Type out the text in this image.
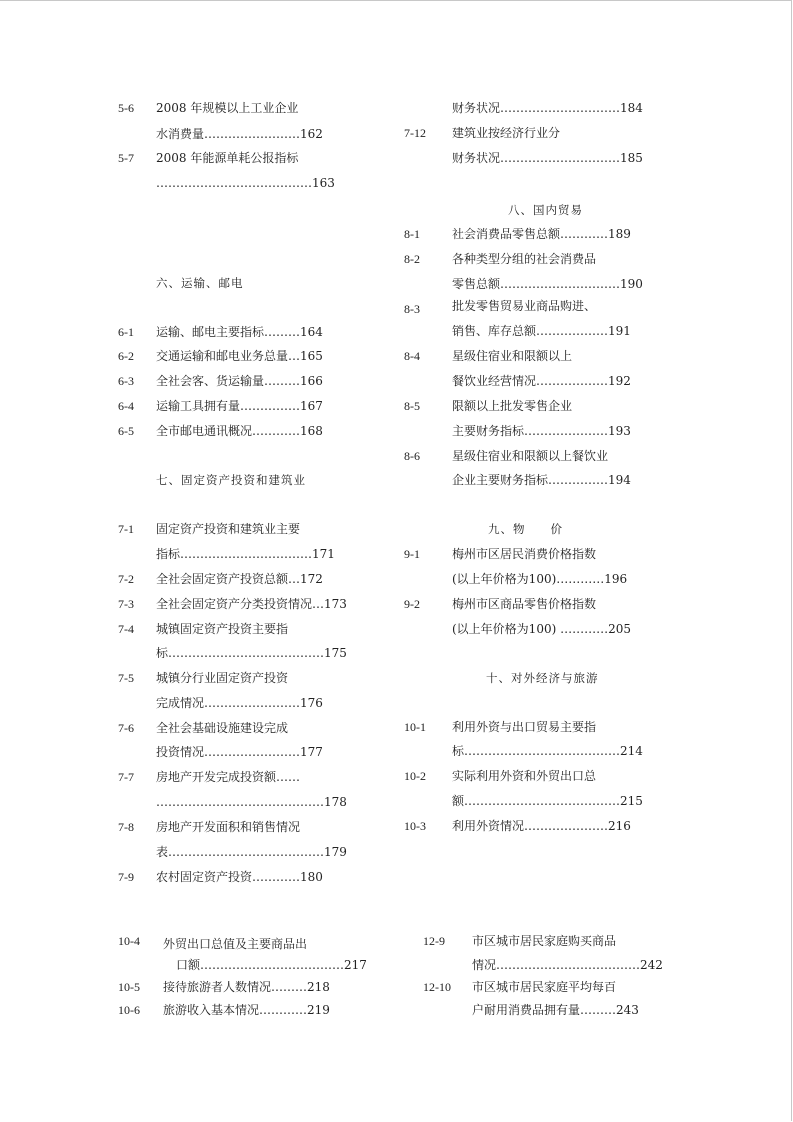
5-6 2008 年规模以上工业企业
水消费量……………………162
5-7 2008 年能源单耗公报指标
…………………………………163
六、运输、邮电
6-1 运输、邮电主要指标………164
6-2 交通运输和邮电业务总量…165
6-3 全社会客、货运输量………166
6-4 运输工具拥有量……………167
6-5 全市邮电通讯概况…………168
七、固定资产投资和建筑业
7-1 固定资产投资和建筑业主要
指标……………………………171
7-2 全社会固定资产投资总额…172
7-3 全社会固定资产分类投资情况…173
7-4 城镇固定资产投资主要指
标…………………………………175
7-5 城镇分行业固定资产投资
完成情况……………………176
7-6 全社会基础设施建设完成
投资情况……………………177
7-7 房地产开发完成投资额……
……………………………………178
7-8 房地产开发面积和销售情况
表…………………………………179
7-9 农村固定资产投资…………180
财务状况…………………………184
7-12 建筑业按经济行业分
财务状况…………………………185
八、国内贸易
8-1	社会消费品零售总额…………189
8-2	各种类型分组的社会消费品
零售总额…………………………190
8-3	批发零售贸易业商品购进、
销售、库存总额………………191
8-4	星级住宿业和限额以上
餐饮业经营情况………………192
8-5	限额以上批发零售企业
主要财务指标…………………193
8-6	星级住宿业和限额以上餐饮业
企业主要财务指标……………194
九、物　　价
9-1	梅州市区居民消费价格指数
(以上年价格为100)…………196
9-2	梅州市区商品零售价格指数
(以上年价格为100) …………205
十、对外经济与旅游
10-1 利用外资与出口贸易主要指
标…………………………………214
10-2 实际利用外资和外贸出口总
额…………………………………215
10-3 利用外资情况…………………216
10-4 外贸出口总值及主要商品出
口额………………………………217
10-5 接待旅游者人数情况………218
10-6 旅游收入基本情况…………219
12-9 市区城市居民家庭购买商品
情况………………………………242
12-10 市区城市居民家庭平均每百
户耐用消费品拥有量………243
